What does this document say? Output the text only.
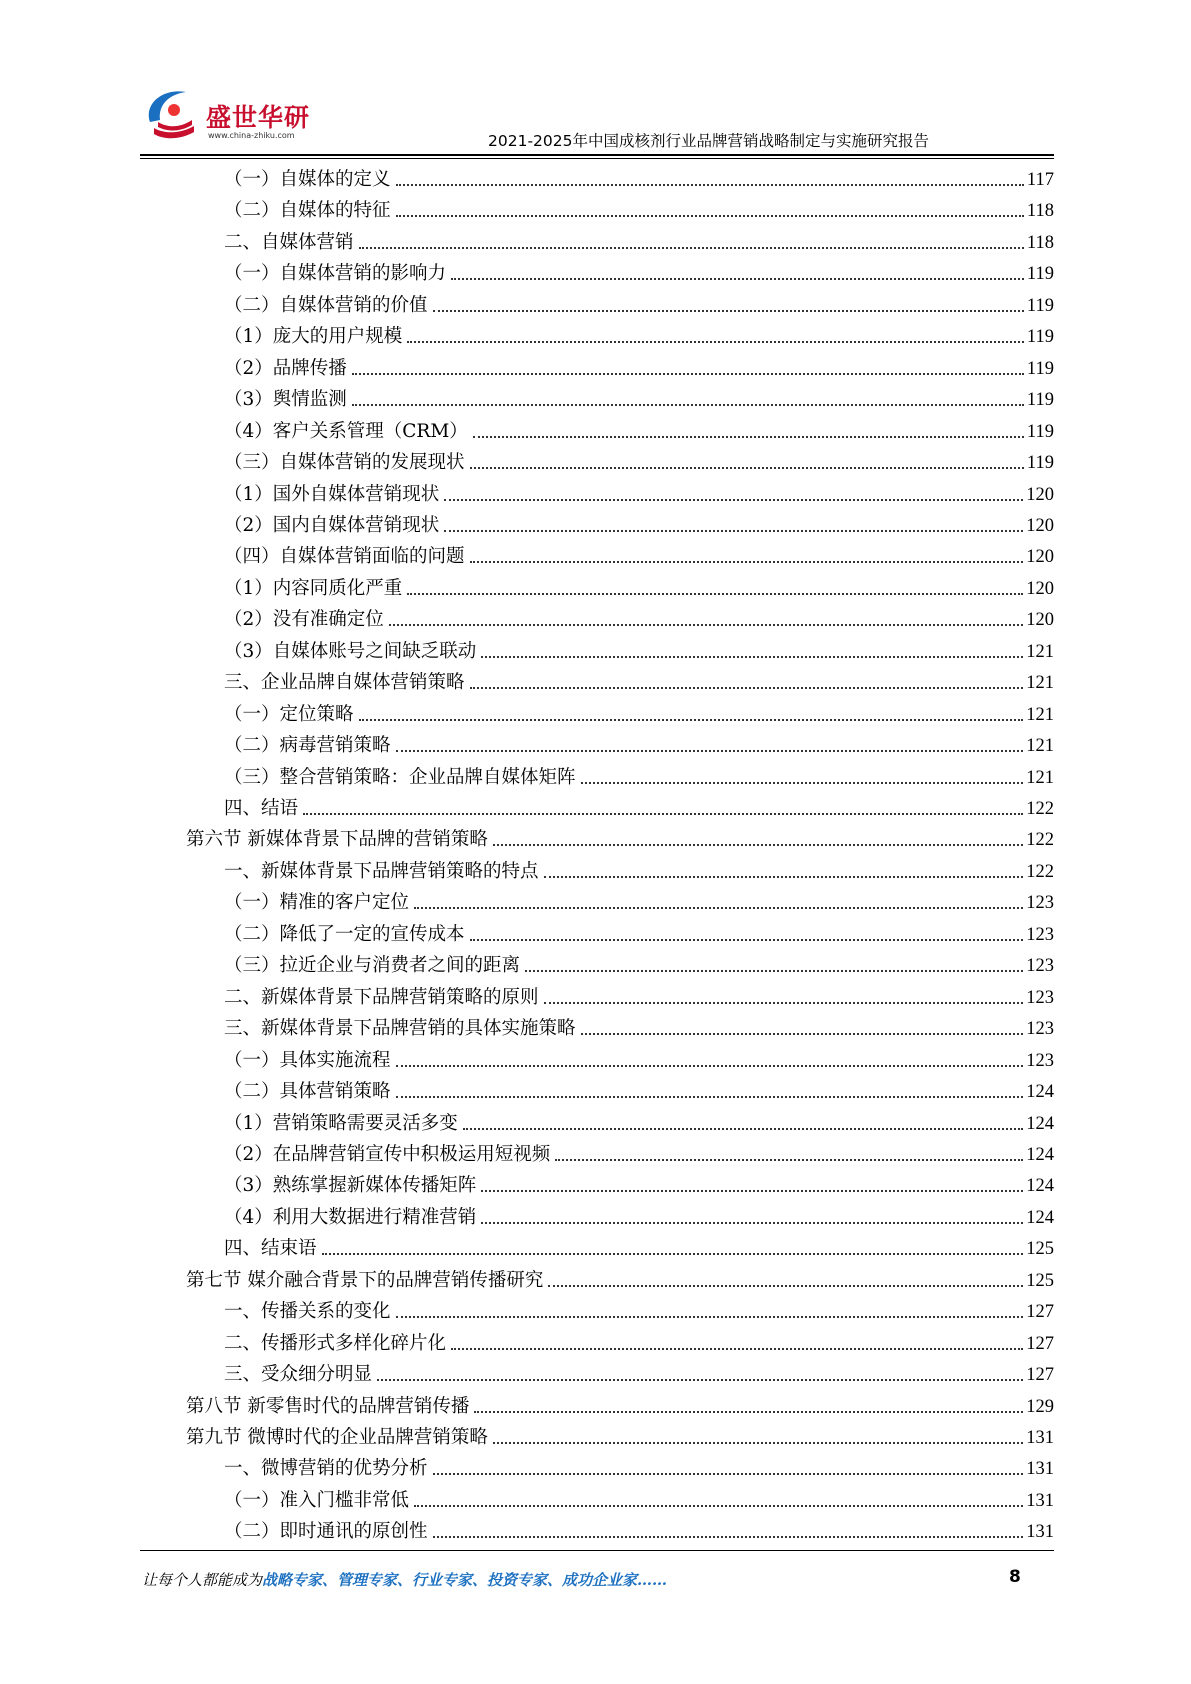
盛世华研
www.china-zhiku.com	2021-2025年中国成核剂行业品牌营销战略制定与实施研究报告
（一）自媒体的定义	117
（二）自媒体的特征	118
二、自媒体营销	118
（一）自媒体营销的影响力	119
（二）自媒体营销的价值	119
（1）庞大的用户规模	119
（2）品牌传播	119
（3）舆情监测	119
（4）客户关系管理（CRM）	119
（三）自媒体营销的发展现状	119
（1）国外自媒体营销现状	120
（2）国内自媒体营销现状	120
（四）自媒体营销面临的问题	120
（1）内容同质化严重	120
（2）没有准确定位	120
（3）自媒体账号之间缺乏联动	121
三、企业品牌自媒体营销策略	121
（一）定位策略	121
（二）病毒营销策略	121
（三）整合营销策略：企业品牌自媒体矩阵	121
四、结语	122
第六节 新媒体背景下品牌的营销策略	122
一、新媒体背景下品牌营销策略的特点	122
（一）精准的客户定位	123
（二）降低了一定的宣传成本	123
（三）拉近企业与消费者之间的距离	123
二、新媒体背景下品牌营销策略的原则	123
三、新媒体背景下品牌营销的具体实施策略	123
（一）具体实施流程	123
（二）具体营销策略	124
（1）营销策略需要灵活多变	124
（2）在品牌营销宣传中积极运用短视频	124
（3）熟练掌握新媒体传播矩阵	124
（4）利用大数据进行精准营销	124
四、结束语	125
第七节 媒介融合背景下的品牌营销传播研究	125
一、传播关系的变化	127
二、传播形式多样化碎片化	127
三、受众细分明显	127
第八节 新零售时代的品牌营销传播	129
第九节 微博时代的企业品牌营销策略	131
一、微博营销的优势分析	131
（一）准入门槛非常低	131
（二）即时通讯的原创性	131
让每个人都能成为战略专家、管理专家、行业专家、投资专家、成功企业家……	8
